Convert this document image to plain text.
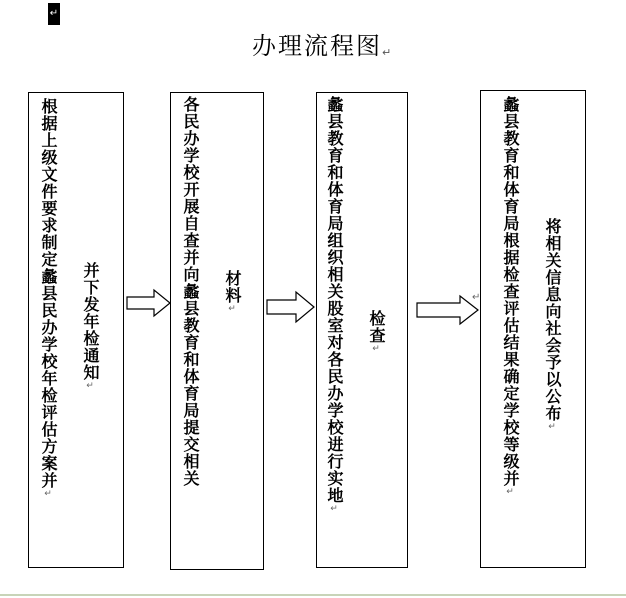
↵
办理流程图↵
根据上级文件要求制定蠡县民办学校年检评估方案并↵
并下发年检通知↵	各民办学校开展自查并向蠡县教育和体育局提交相关 材料↵	蠡县教育和体育局组织相关股室对各民办学校进行实地↵
检查↵
↵ 蠡县教育和体育局根据检查评估结果确定学校等级并↵
将相关信息向社会予以公布↵
